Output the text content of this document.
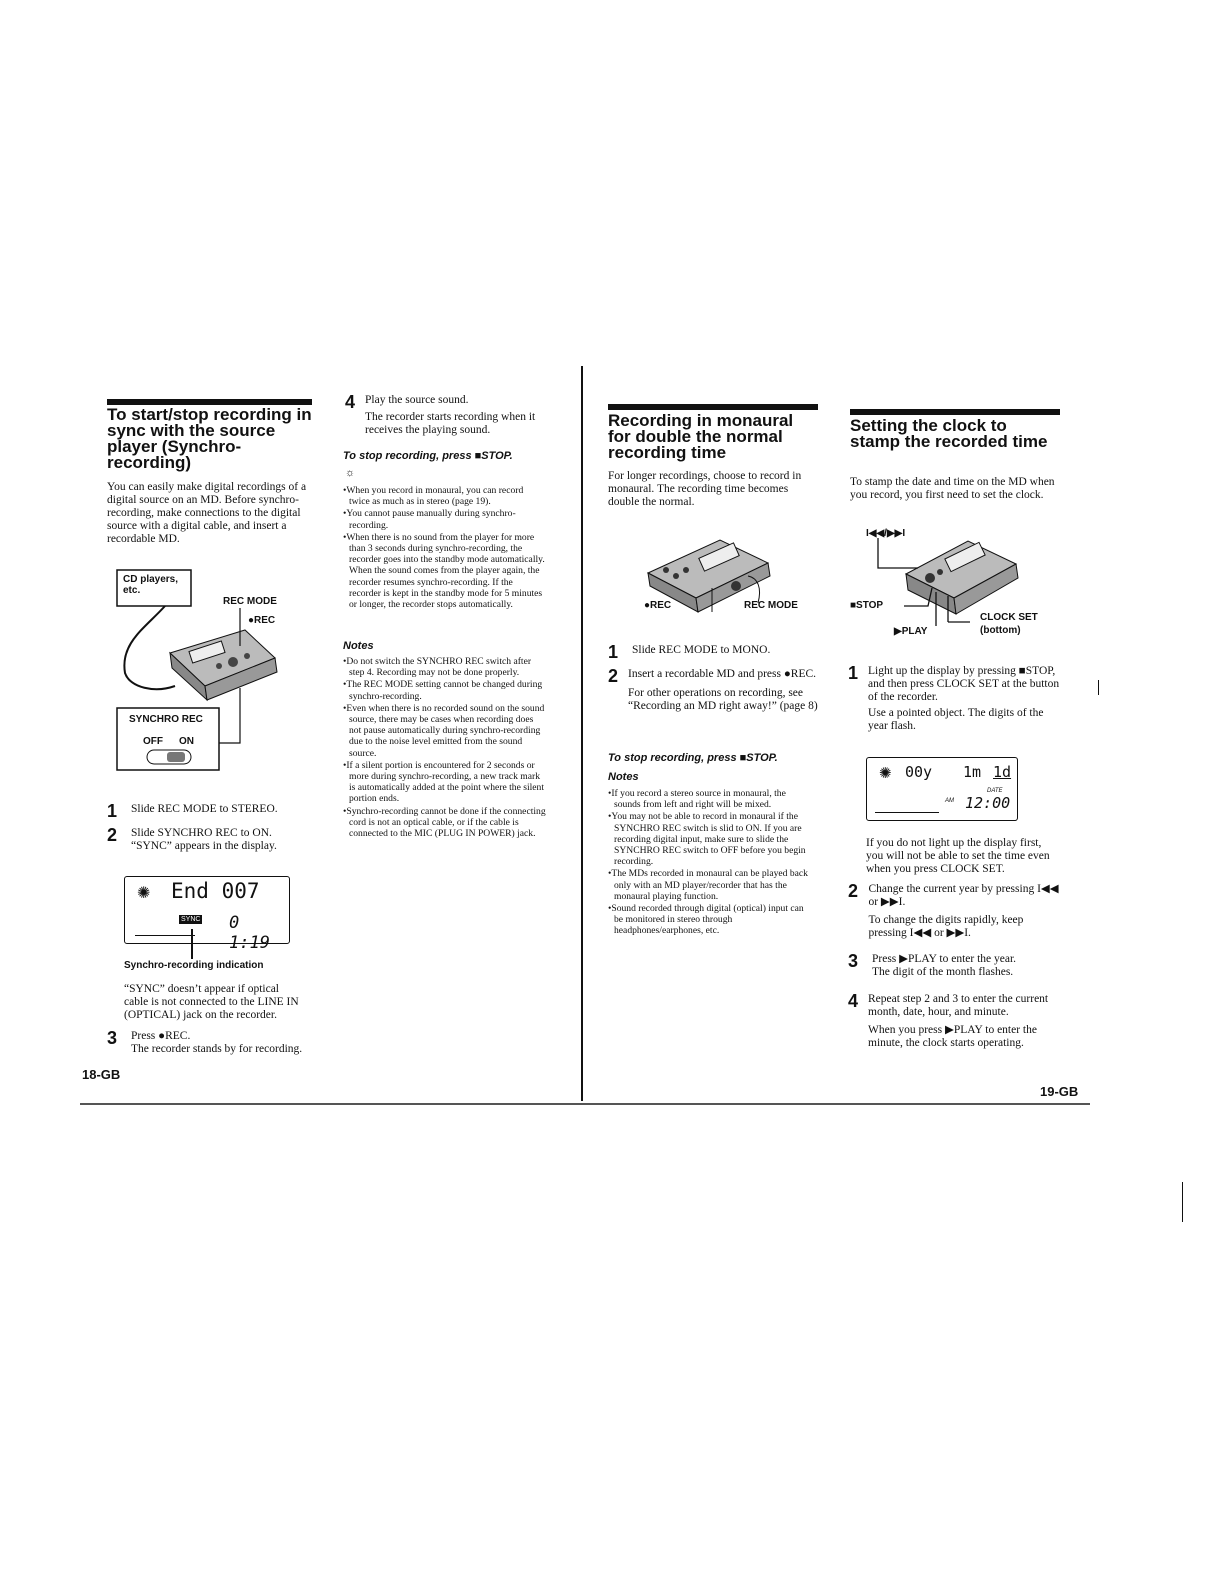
To start/stop recording in sync with the source player (Synchro-recording)

You can easily make digital recordings of a digital source on an MD. Before synchro-recording, make connections to the digital source with a digital cable, and insert a recordable MD.

CD players, etc.
REC MODE
●REC
SYNCHRO REC
OFF ON
1	Slide REC MODE to STEREO.
2	Slide SYNCHRO REC to ON.
“SYNC” appears in the display.
✺ End 007
SYNC 0 1:19
Synchro-recording indication

“SYNC” doesn’t appear if optical cable is not connected to the LINE IN (OPTICAL) jack on the recorder.

3	Press ●REC.
The recorder stands by for recording.
18-GB
4 Play the source sound.
The recorder starts recording when it receives the playing sound.
To stop recording, press ■STOP.
☼
• When you record in monaural, you can record twice as much as in stereo (page 19).
• You cannot pause manually during synchro-recording.
• When there is no sound from the player for more than 3 seconds during synchro-recording, the recorder goes into the standby mode automatically. When the sound comes from the player again, the recorder resumes synchro-recording. If the recorder is kept in the standby mode for 5 minutes or longer, the recorder stops automatically.
Notes
• Do not switch the SYNCHRO REC switch after step 4. Recording may not be done properly.
• The REC MODE setting cannot be changed during synchro-recording.
• Even when there is no recorded sound on the sound source, there may be cases when recording does not pause automatically during synchro-recording due to the noise level emitted from the sound source.
• If a silent portion is encountered for 2 seconds or more during synchro-recording, a new track mark is automatically added at the point where the silent portion ends.
• Synchro-recording cannot be done if the connecting cord is not an optical cable, or if the cable is connected to the MIC (PLUG IN POWER) jack.
Recording in monaural for double the normal recording time

For longer recordings, choose to record in monaural. The recording time becomes double the normal.

●REC	REC MODE
1	Slide REC MODE to MONO.
2 Insert a recordable MD and press ●REC.
For other operations on recording, see “Recording an MD right away!” (page 8)
To stop recording, press ■STOP.
Notes
• If you record a stereo source in monaural, the sounds from left and right will be mixed.
• You may not be able to record in monaural if the SYNCHRO REC switch is slid to ON. If you are recording digital input, make sure to slide the SYNCHRO REC switch to OFF before you begin recording.
• The MDs recorded in monaural can be played back only with an MD player/recorder that has the monaural playing function.
• Sound recorded through digital (optical) input can be monitored in stereo through headphones/earphones, etc.
Setting the clock to stamp the recorded time

To stamp the date and time on the MD when you record, you first need to set the clock.

I◀◀/▶▶I
■STOP
▶PLAY
CLOCK SET
(bottom)
1 Light up the display by pressing ■STOP, and then press CLOCK SET at the button of the recorder.
Use a pointed object. The digits of the year flash.
✺ 00y 1m 1d
DATE
AM 12:00

If you do not light up the display first, you will not be able to set the time even when you press CLOCK SET.

2 Change the current year by pressing I◀◀ or ▶▶I.
To change the digits rapidly, keep pressing I◀◀ or ▶▶I.
3	Press ▶PLAY to enter the year.
The digit of the month flashes.
4 Repeat step 2 and 3 to enter the current month, date, hour, and minute.
When you press ▶PLAY to enter the minute, the clock starts operating.
19-GB
